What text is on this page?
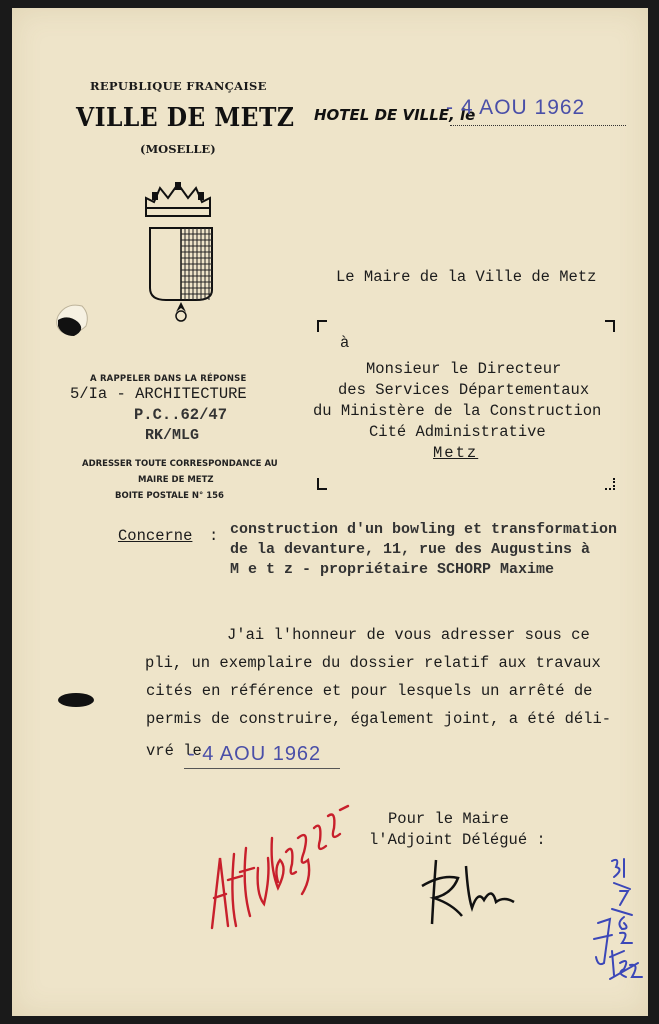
REPUBLIQUE FRANÇAISE
VILLE DE METZ
(MOSELLE)
HOTEL DE VILLE, le
- 4 AOU 1962
Le Maire de la Ville de Metz
à
Monsieur le Directeur
des Services Départementaux
du Ministère de la Construction
Cité Administrative
Metz
A RAPPELER DANS LA RÉPONSE
5/Ia - ARCHITECTURE
P.C..62/47
RK/MLG
ADRESSER TOUTE CORRESPONDANCE AU
MAIRE DE METZ
BOITE POSTALE N° 156
Concerne : construction d'un bowling et transformation
de la devanture, 11, rue des Augustins à
M e t z - propriétaire SCHORP Maxime
J'ai l'honneur de vous adresser sous ce
pli, un exemplaire du dossier relatif aux travaux
cités en référence et pour lesquels un arrêté de
permis de construire, également joint, a été déli-
vré le
- 4 AOU 1962
Pour le Maire
l'Adjoint Délégué :
